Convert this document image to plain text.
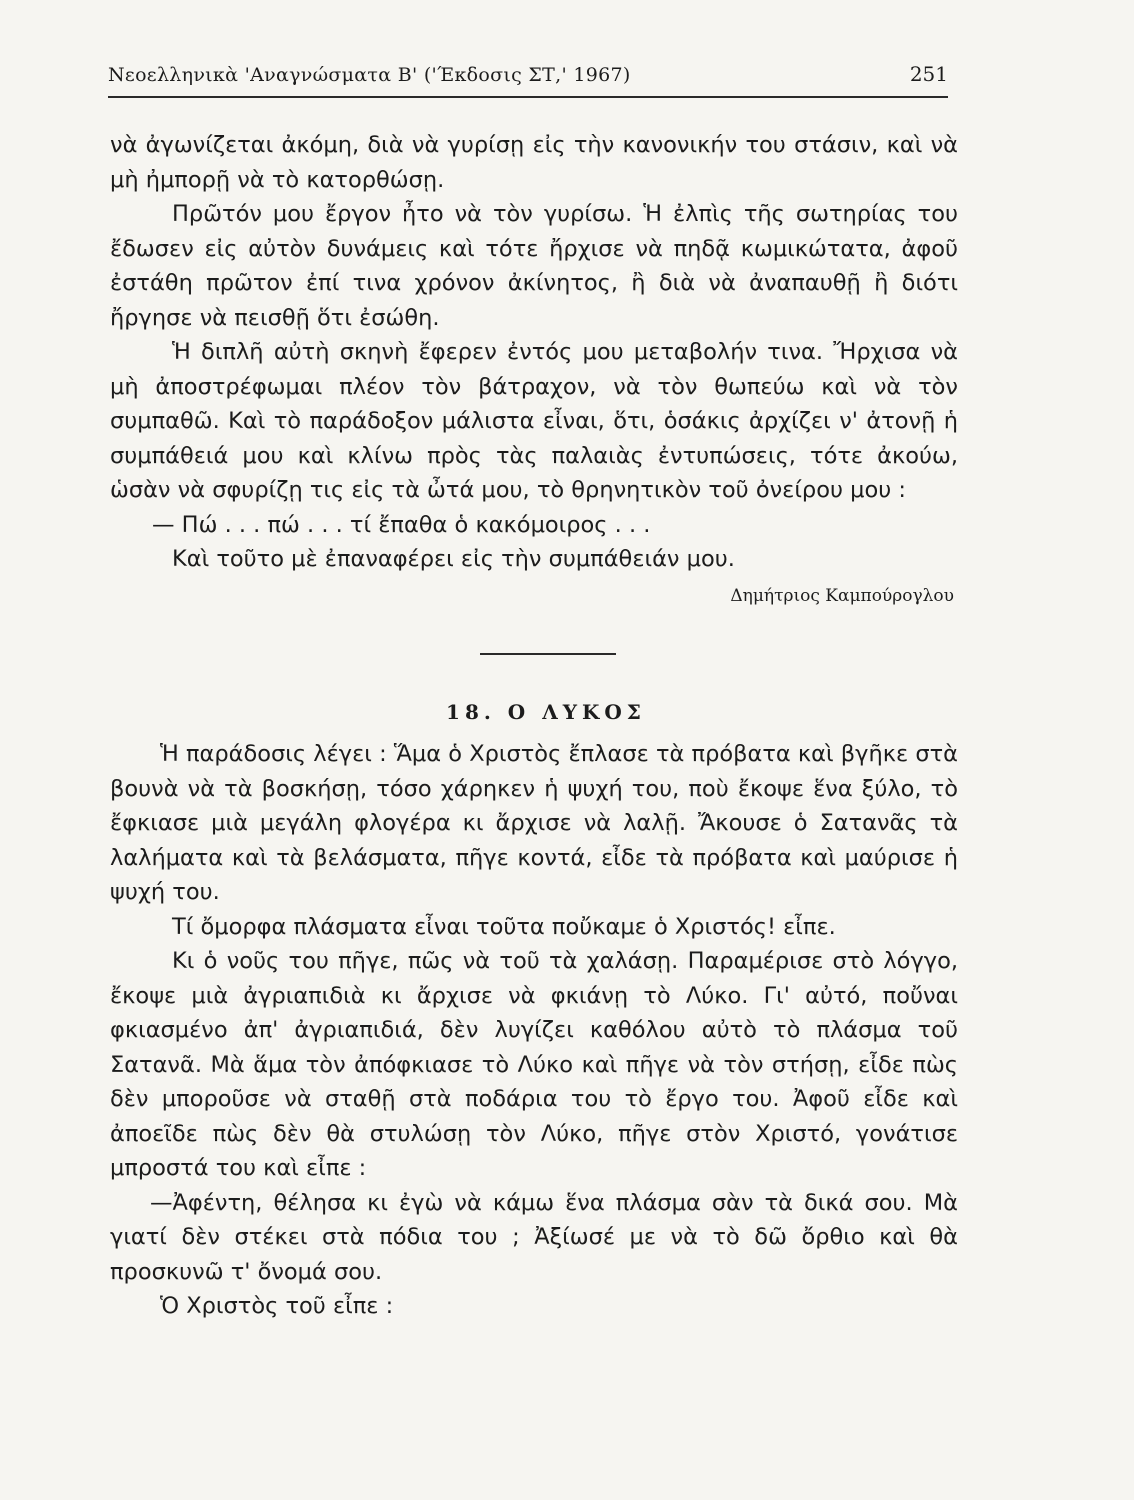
Νεοελληνικὰ 'Αναγνώσματα Β' ('Έκδοσις ΣΤ,' 1967)	251

νὰ ἀγωνίζεται ἀκόμη, διὰ νὰ γυρίσῃ εἰς τὴν κανονικήν του στάσιν, καὶ νὰ μὴ ἠμπορῇ νὰ τὸ κατορθώσῃ.

Πρῶτόν μου ἔργον ἦτο νὰ τὸν γυρίσω. Ἡ ἐλπὶς τῆς σωτηρίας του ἔδωσεν εἰς αὐτὸν δυνάμεις καὶ τότε ἤρχισε νὰ πηδᾷ κωμικώτατα, ἀφοῦ ἐστάθη πρῶτον ἐπί τινα χρόνον ἀκίνητος, ἢ διὰ νὰ ἀναπαυθῇ ἢ διότι ἤργησε νὰ πεισθῇ ὅτι ἐσώθη.

Ἡ διπλῆ αὐτὴ σκηνὴ ἔφερεν ἐντός μου μεταβολήν τινα. Ἤρχισα νὰ μὴ ἀποστρέφωμαι πλέον τὸν βάτραχον, νὰ τὸν θωπεύω καὶ νὰ τὸν συμπαθῶ. Καὶ τὸ παράδοξον μάλιστα εἶναι, ὅτι, ὁσάκις ἀρχίζει ν' ἀτονῇ ἡ συμπάθειά μου καὶ κλίνω πρὸς τὰς παλαιὰς ἐντυπώσεις, τότε ἀκούω, ὡσὰν νὰ σφυρίζῃ τις εἰς τὰ ὦτά μου, τὸ θρηνητικὸν τοῦ ὀνείρου μου :

— Πώ . . . πώ . . . τί ἔπαθα ὁ κακόμοιρος . . .

Καὶ τοῦτο μὲ ἐπαναφέρει εἰς τὴν συμπάθειάν μου.

Δημήτριος Καμπούρογλου
18. Ο ΛΥΚΟΣ

Ἡ παράδοσις λέγει : Ἅμα ὁ Χριστὸς ἔπλασε τὰ πρόβατα καὶ βγῆκε στὰ βουνὰ νὰ τὰ βοσκήσῃ, τόσο χάρηκεν ἡ ψυχή του, ποὺ ἔκοψε ἕνα ξύλο, τὸ ἔφκιασε μιὰ μεγάλη φλογέρα κι ἄρχισε νὰ λαλῇ. Ἄκουσε ὁ Σατανᾶς τὰ λαλήματα καὶ τὰ βελάσματα, πῆγε κοντά, εἶδε τὰ πρόβατα καὶ μαύρισε ἡ ψυχή του.

Τί ὄμορφα πλάσματα εἶναι τοῦτα ποὔκαμε ὁ Χριστός! εἶπε.

Κι ὁ νοῦς του πῆγε, πῶς νὰ τοῦ τὰ χαλάσῃ. Παραμέρισε στὸ λόγγο, ἔκοψε μιὰ ἀγριαπιδιὰ κι ἄρχισε νὰ φκιάνῃ τὸ Λύκο. Γι' αὐτό, ποὔναι φκιασμένο ἀπ' ἀγριαπιδιά, δὲν λυγίζει καθόλου αὐτὸ τὸ πλάσμα τοῦ Σατανᾶ. Μὰ ἅμα τὸν ἀπόφκιασε τὸ Λύκο καὶ πῆγε νὰ τὸν στήσῃ, εἶδε πὼς δὲν μποροῦσε νὰ σταθῇ στὰ ποδάρια του τὸ ἔργο του. Ἀφοῦ εἶδε καὶ ἀποεῖδε πὼς δὲν θὰ στυλώσῃ τὸν Λύκο, πῆγε στὸν Χριστό, γονάτισε μπροστά του καὶ εἶπε :

—Ἀφέντη, θέλησα κι ἐγὼ νὰ κάμω ἕνα πλάσμα σὰν τὰ δικά σου. Μὰ γιατί δὲν στέκει στὰ πόδια του ; Ἀξίωσέ με νὰ τὸ δῶ ὄρθιο καὶ θὰ προσκυνῶ τ' ὄνομά σου.

Ὁ Χριστὸς τοῦ εἶπε :
